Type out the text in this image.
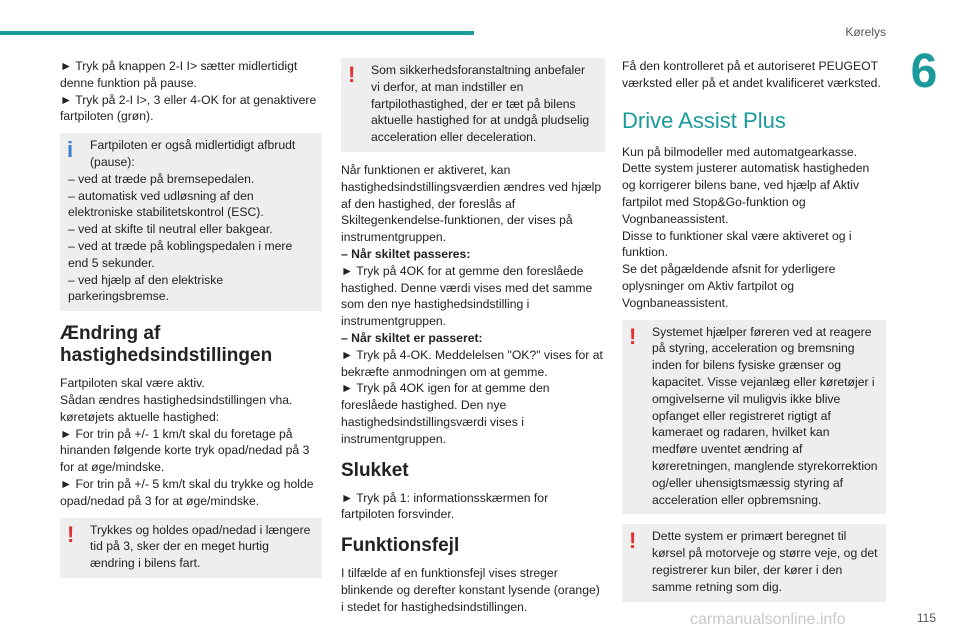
Kørelys
6

► Tryk på knappen 2-I I> sætter midlertidigt denne funktion på pause.

► Tryk på 2-I I>, 3 eller 4-OK for at genaktivere fartpiloten (grøn).

i	Fartpiloten er også midlertidigt afbrudt (pause):

– ved at træde på bremsepedalen.

– automatisk ved udløsning af den elektroniske stabilitetskontrol (ESC).

– ved at skifte til neutral eller bakgear.

– ved at træde på koblingspedalen i mere end 5 sekunder.

– ved hjælp af den elektriske parkeringsbremse.

Ændring af hastighedsindstillingen

Fartpiloten skal være aktiv.

Sådan ændres hastighedsindstillingen vha. køretøjets aktuelle hastighed:

► For trin på +/- 1 km/t skal du foretage på hinanden følgende korte tryk opad/nedad på 3 for at øge/mindske.

► For trin på +/- 5 km/t skal du trykke og holde opad/nedad på 3 for at øge/mindske.

!	Trykkes og holdes opad/nedad i længere tid på 3, sker der en meget hurtig ændring i bilens fart.

!	Som sikkerhedsforanstaltning anbefaler vi derfor, at man indstiller en fartpilothastighed, der er tæt på bilens aktuelle hastighed for at undgå pludselig acceleration eller deceleration.

Når funktionen er aktiveret, kan hastighedsindstillingsværdien ændres ved hjælp af den hastighed, der foreslås af Skiltegenkendelse-funktionen, der vises på instrumentgruppen.

– Når skiltet passeres:

► Tryk på 4OK for at gemme den foreslåede hastighed. Denne værdi vises med det samme som den nye hastighedsindstilling i instrumentgruppen.

– Når skiltet er passeret:

► Tryk på 4-OK. Meddelelsen "OK?" vises for at bekræfte anmodningen om at gemme.

► Tryk på 4OK igen for at gemme den foreslåede hastighed. Den nye hastighedsindstillingsværdi vises i instrumentgruppen.

Slukket

► Tryk på 1: informationsskærmen for fartpiloten forsvinder.

Funktionsfejl

I tilfælde af en funktionsfejl vises streger blinkende og derefter konstant lysende (orange) i stedet for hastighedsindstillingen.

Få den kontrolleret på et autoriseret PEUGEOT værksted eller på et andet kvalificeret værksted.

Drive Assist Plus

Kun på bilmodeller med automatgearkasse.

Dette system justerer automatisk hastigheden og korrigerer bilens bane, ved hjælp af Aktiv fartpilot med Stop&Go-funktion og Vognbaneassistent.

Disse to funktioner skal være aktiveret og i funktion.

Se det pågældende afsnit for yderligere oplysninger om Aktiv fartpilot og Vognbaneassistent.

!	Systemet hjælper føreren ved at reagere på styring, acceleration og bremsning inden for bilens fysiske grænser og kapacitet. Visse vejanlæg eller køretøjer i omgivelserne vil muligvis ikke blive opfanget eller registreret rigtigt af kameraet og radaren, hvilket kan medføre uventet ændring af køreretningen, manglende styrekorrektion og/eller uhensigtsmæssig styring af acceleration eller opbremsning.

!	Dette system er primært beregnet til kørsel på motorveje og større veje, og det registrerer kun biler, der kører i den samme retning som dig.

carmanualsonline.info	115
